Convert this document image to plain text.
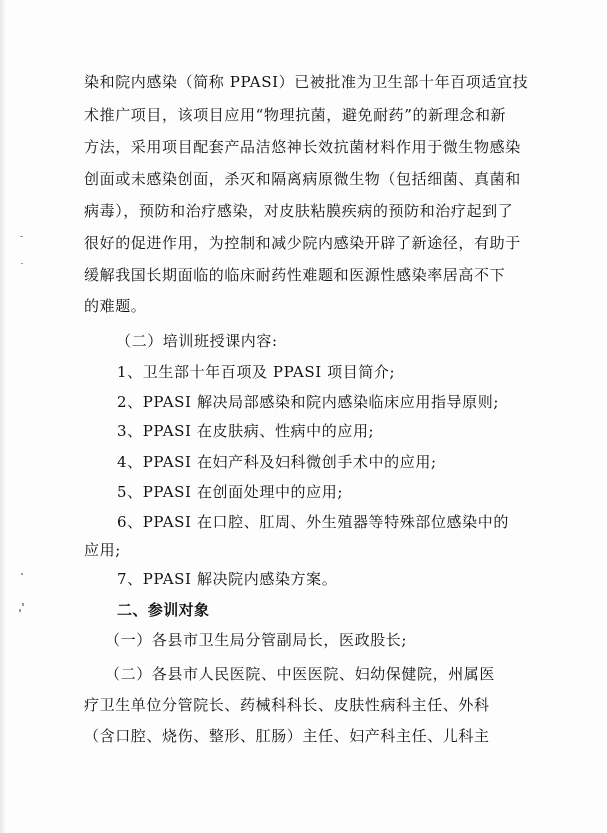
染和院内感染（简称 PPASI）已被批准为卫生部十年百项适宜技
术推广项目，该项目应用“物理抗菌，避免耐药”的新理念和新
方法，采用项目配套产品洁悠神长效抗菌材料作用于微生物感染
创面或未感染创面，杀灭和隔离病原微生物（包括细菌、真菌和
病毒），预防和治疗感染，对皮肤粘膜疾病的预防和治疗起到了
很好的促进作用，为控制和减少院内感染开辟了新途径，有助于
缓解我国长期面临的临床耐药性难题和医源性感染率居高不下
的难题。
（二）培训班授课内容:
1、卫生部十年百项及 PPASI 项目简介;
2、PPASI 解决局部感染和院内感染临床应用指导原则;
3、PPASI 在皮肤病、性病中的应用;
4、PPASI 在妇产科及妇科微创手术中的应用;
5、PPASI 在创面处理中的应用;
6、PPASI 在口腔、肛周、外生殖器等特殊部位感染中的
应用;
7、PPASI 解决院内感染方案。
二、参训对象
（一）各县市卫生局分管副局长，医政股长;
（二）各县市人民医院、中医医院、妇幼保健院，州属医
疗卫生单位分管院长、药械科科长、皮肤性病科主任、外科
（含口腔、烧伤、整形、肛肠）主任、妇产科主任、儿科主
